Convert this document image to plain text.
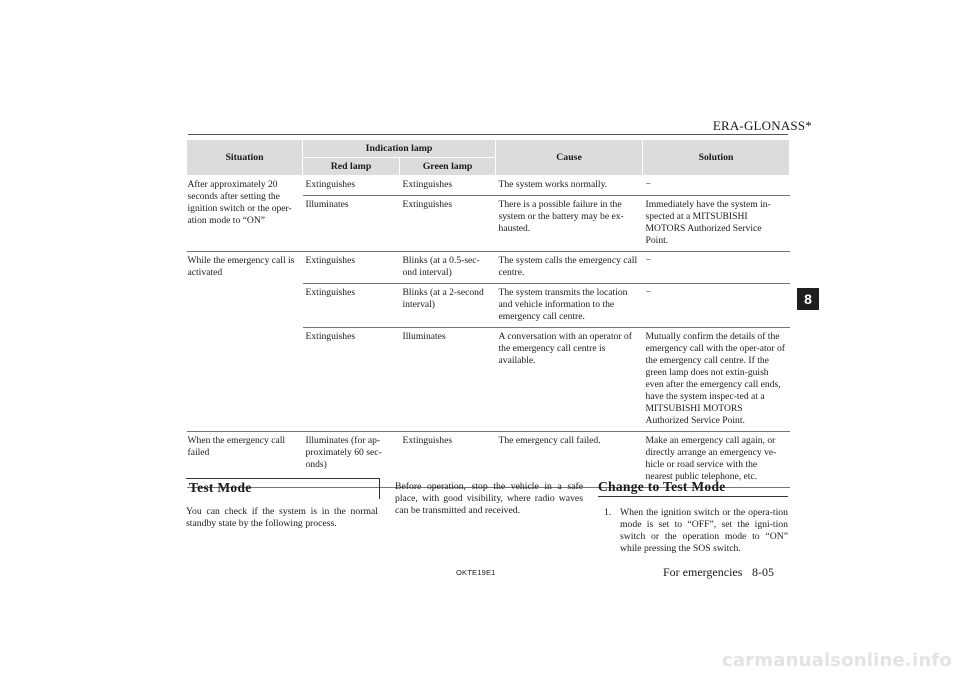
ERA-GLONASS*
8
Situation	Indication lamp		Cause	Solution
	Red lamp	Green lamp		
After approximately 20 seconds after setting the ignition switch or the oper-ation mode to “ON”	Extinguishes	Extinguishes	The system works normally.	−
	Illuminates	Extinguishes	There is a possible failure in the system or the battery may be ex-hausted.	Immediately have the system in-spected at a MITSUBISHI MOTORS Authorized Service Point.
While the emergency call is activated	Extinguishes	Blinks (at a 0.5-sec-ond interval)	The system calls the emergency call centre.	−
	Extinguishes	Blinks (at a 2-second interval)	The system transmits the location and vehicle information to the emergency call centre.	−
	Extinguishes	Illuminates	A conversation with an operator of the emergency call centre is available.	Mutually confirm the details of the emergency call with the oper-ator of the emergency call centre. If the green lamp does not extin-guish even after the emergency call ends, have the system inspec-ted at a MITSUBISHI MOTORS Authorized Service Point.
When the emergency call failed	Illuminates (for ap-proximately 60 sec-onds)	Extinguishes	The emergency call failed.	Make an emergency call again, or directly arrange an emergency ve-hicle or road service with the nearest public telephone, etc.
Test Mode
You can check if the system is in the normal standby state by the following process.
Before operation, stop the vehicle in a safe place, with good visibility, where radio waves can be transmitted and received.
Change to Test Mode
1. When the ignition switch or the opera-tion mode is set to “OFF”, set the igni-tion switch or the operation mode to “ON” while pressing the SOS switch.
OKTE19E1	For emergencies 8-05
carmanualsonline.info
